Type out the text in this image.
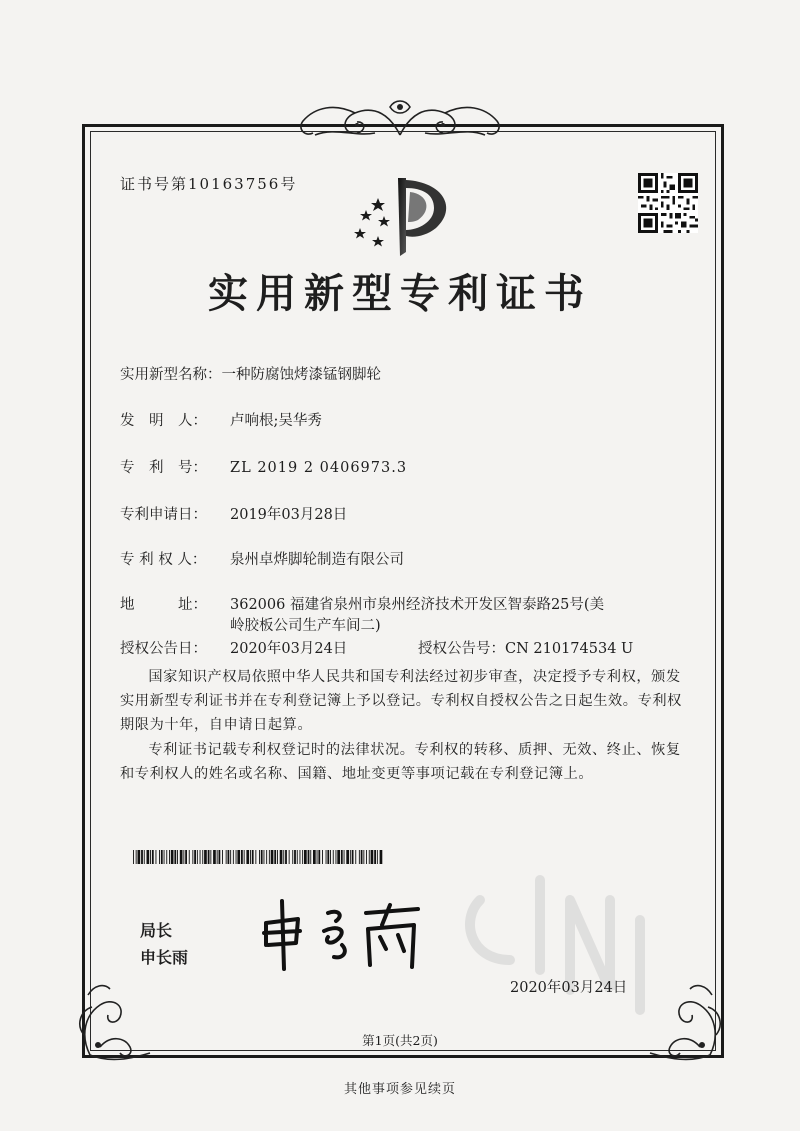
证书号第10163756号
实用新型专利证书
实用新型名称：一种防腐蚀烤漆锰钢脚轮
发　明　人： 卢响根;吴华秀
专　利　号： ZL 2019 2 0406973.3
专利申请日： 2019年03月28日
专 利 权 人： 泉州卓烨脚轮制造有限公司
地　　　址： 362006 福建省泉州市泉州经济技术开发区智泰路25号(美
岭胶板公司生产车间二)
授权公告日： 2020年03月24日	授权公告号：CN 210174534 U
国家知识产权局依照中华人民共和国专利法经过初步审查，决定授予专利权，颁发实用新型专利证书并在专利登记簿上予以登记。专利权自授权公告之日起生效。专利权期限为十年，自申请日起算。
专利证书记载专利权登记时的法律状况。专利权的转移、质押、无效、终止、恢复和专利权人的姓名或名称、国籍、地址变更等事项记载在专利登记簿上。
局长
申长雨
2020年03月24日
第1页(共2页)
其他事项参见续页
